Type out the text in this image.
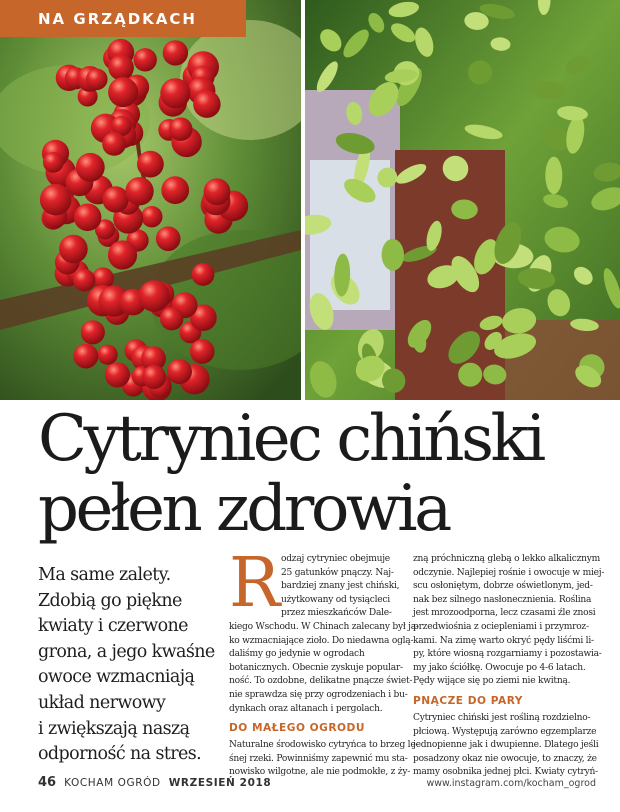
NA GRZĄDKACH
Cytryniec chiński
pełen zdrowia
Ma same zalety.
Zdobią go piękne
kwiaty i czerwone
grona, a jego kwaśne
owoce wzmacniają
układ nerwowy
i zwiększają naszą
odporność na stres.
R odzaj cytryniec obejmuje
25 gatunków pnączy. Naj-
bardziej znany jest chiński,
użytkowany od tysiącleci
przez mieszkańców Dale-
kiego Wschodu. W Chinach zalecany był ja-
ko wzmacniające zioło. Do niedawna oglą-
daliśmy go jedynie w ogrodach
botanicznych. Obecnie zyskuje popular-
ność. To ozdobne, delikatne pnącze świet-
nie sprawdza się przy ogrodzeniach i bu-
dynkach oraz altanach i pergolach.
DO MAŁEGO OGRODU
Naturalne środowisko cytryńca to brzeg le-
śnej rzeki. Powinniśmy zapewnić mu sta-
nowisko wilgotne, ale nie podmokłe, z ży-
zną próchniczną glebą o lekko alkalicznym
odczynie. Najlepiej rośnie i owocuje w miej-
scu osłoniętym, dobrze oświetlonym, jed-
nak bez silnego nasłonecznienia. Roślina
jest mrozoodporna, lecz czasami źle znosi
przedwiośnia z ociepleniami i przymroz-
kami. Na zimę warto okryć pędy liśćmi li-
py, które wiosną rozgarniamy i pozostawia-
my jako ściółkę. Owocuje po 4-6 latach.
Pędy wijące się po ziemi nie kwitną.
PNĄCZE DO PARY
Cytryniec chiński jest rośliną rozdzielno-
płciową. Występują zarówno egzemplarze
jednopienne jak i dwupienne. Dlatego jeśli
posadzony okaz nie owocuje, to znaczy, że
mamy osobnika jednej płci. Kwiaty cytryń-
46 KOCHAM OGRÓD WRZESIEŃ 2018	www.instagram.com/kocham_ogrod
